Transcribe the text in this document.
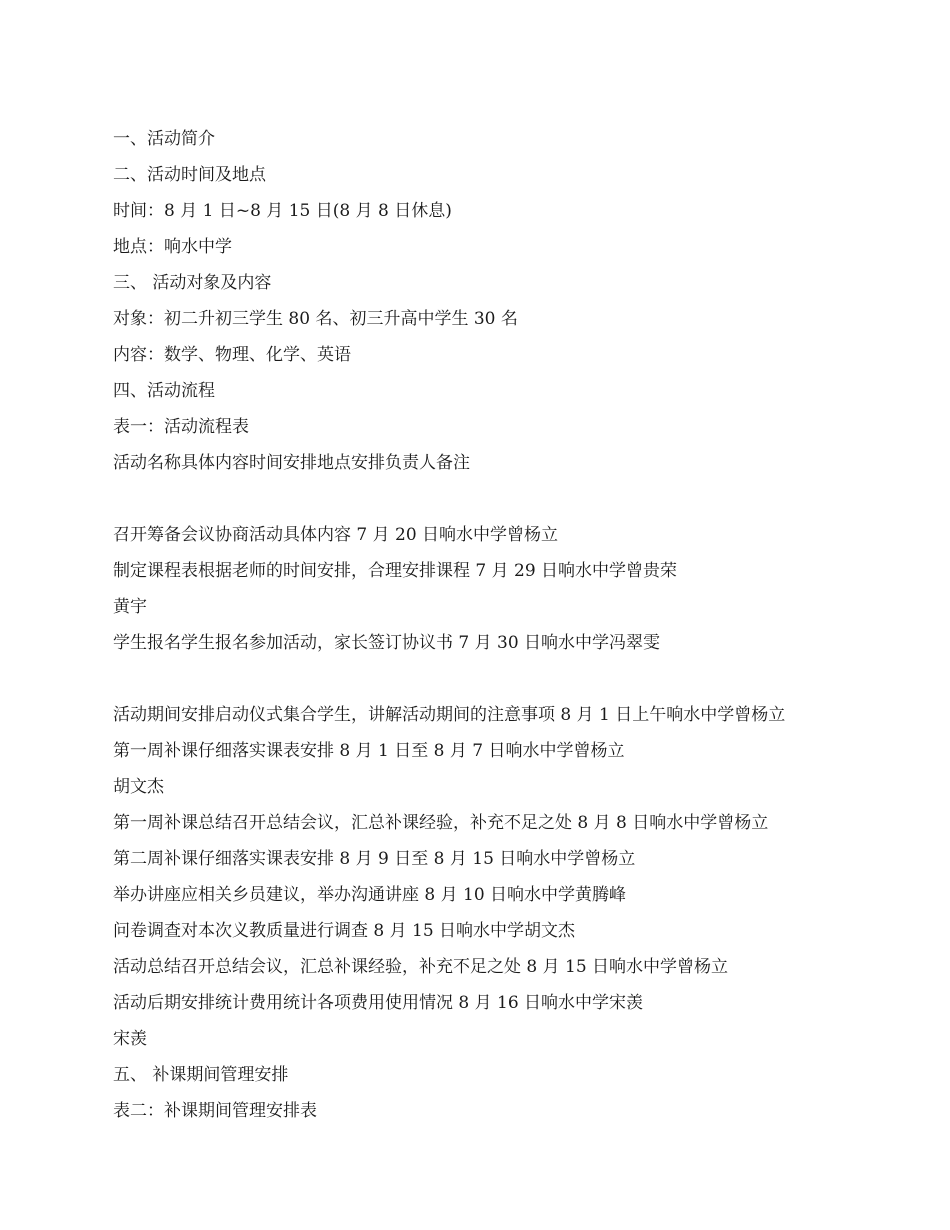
一、活动简介
二、活动时间及地点
时间：8 月 1 日~8 月 15 日(8 月 8 日休息)
地点：响水中学
三、 活动对象及内容
对象：初二升初三学生 80 名、初三升高中学生 30 名
内容：数学、物理、化学、英语
四、活动流程
表一：活动流程表
活动名称具体内容时间安排地点安排负责人备注
召开筹备会议协商活动具体内容 7 月 20 日响水中学曾杨立
制定课程表根据老师的时间安排，合理安排课程 7 月 29 日响水中学曾贵荣
黄宇
学生报名学生报名参加活动，家长签订协议书 7 月 30 日响水中学冯翠雯
活动期间安排启动仪式集合学生，讲解活动期间的注意事项 8 月 1 日上午响水中学曾杨立
第一周补课仔细落实课表安排 8 月 1 日至 8 月 7 日响水中学曾杨立
胡文杰
第一周补课总结召开总结会议，汇总补课经验，补充不足之处 8 月 8 日响水中学曾杨立
第二周补课仔细落实课表安排 8 月 9 日至 8 月 15 日响水中学曾杨立
举办讲座应相关乡员建议，举办沟通讲座 8 月 10 日响水中学黄腾峰
问卷调查对本次义教质量进行调查 8 月 15 日响水中学胡文杰
活动总结召开总结会议，汇总补课经验，补充不足之处 8 月 15 日响水中学曾杨立
活动后期安排统计费用统计各项费用使用情况 8 月 16 日响水中学宋羡
宋羡
五、 补课期间管理安排
表二：补课期间管理安排表
